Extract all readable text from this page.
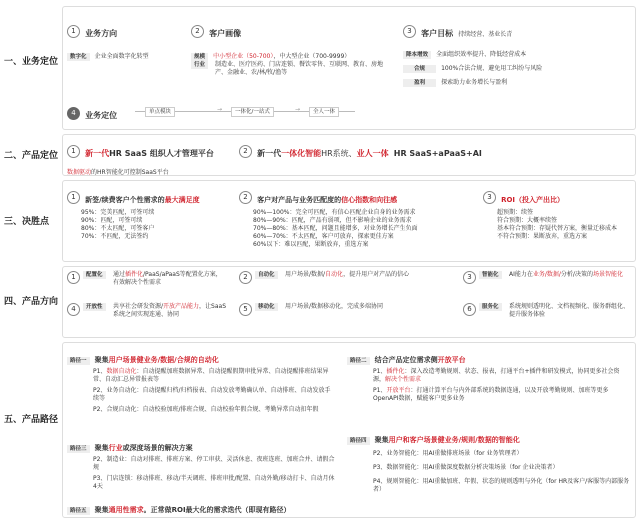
一、业务定位
1 业务方向
数字化 企业全面数字化转型
2 客户画像
规模 中小型企业（50-700），中大型企业（700-9999）
行业	制造业、医疗医药、门店连锁、餐饮零售、互联网、教育、房地产、金融业、农/林/牧/渔等
3 客户目标 持续经营、基业长青
降本增效 全面组织效率提升、降低经营成本
合规	100%合法合规、避免用工纠纷与风险
盈利	探索助力业务增长与盈利
4 业务定位	单点模块	→	一体化/一站式	→	全人一体
二、产品定位	1 新一代HR SaaS 组织人才管理平台
数据驱动的HR智能化可控制SaaS平台
2 新一代一体化智能HR系统、业人一体 HR SaaS+aPaaS+AI
三、决胜点
1 新签/续费客户个性需求的最大满足度
95%：完美匹配，可签可续
90%：匹配，可签可续
80%：不太匹配，可签客户
70%：不匹配，无法签约
2 客户对产品与业务匹配度的信心指数和向往感
90%—100%：完全可匹配，有信心匹配企业自身的业务需求
80%—90%：匹配，产品有弱项，但不影响企业的业务需求
70%—80%：基本匹配，问题且能增多，对业务增长产生负面
60%—70%：不太匹配，客户可放弃，探索更佳方案
60%以下：难以匹配，果断放弃，重选方案
3 ROI（投入产出比）
超预期：续签
符合预期：大概率续签
基本符合预期：存疑代替方案，衡量迁移成本
不符合预期：果断放弃，重选方案
四、产品方向
1	配置化	通过插件化/PaaS/aPaaS等配置化方案，有效解决个性需求
2	自动化	用户场景/数据/自动化，提升用户对产品的信心	3	智能化	AI能力在业务/数据/分析/决策的场景智能化
4	开放性	共享社会研发资源/开放产品能力，让SaaS系统之间实现连通、协同
5	移动化	用户场景/数据移动化，完成多端协同	6	服务化	系统规则透明化、文档视频化、服务群组化、提升服务体验
五、产品路径
路径一 聚集用户场景健业务/数据/合规的自动化
P1、数据自动化：自动提醒加班数据异常、自动提醒假期审批异常、自动提醒排班结果异常、自动汇总异常报表等
P2、业务自动化：自动提醒归档/归档报表、自动发放考勤确认单、自动排班、自动发放手续等
P2、合规自动化：自动校验加班/排班合规、自动校验年假合规、考勤异常自动扣年假
路径三 聚集行业或深度场景的解决方案
P2、制造业：自动对排班、排班方案、停工审获、灵活休息、夜班连班、加班合并、请假合规
P3、门店连锁：移动排班、移动/半天调班、排班审批/配置、自动外勤/移动打卡、自动月休4天
路径五 聚集通用性需求。正常做ROI最大化的需求迭代（即现有路径）
路径二 结合产品定位需求侧开放平台
P1、插件化：深入改造考勤规则、状态、报表，打通平台+插件和研发模式，协同更多社会资源，解决个性需求
P1、开放平台：打通计算平台与内外部系统的数据连通，以及开放考勤规则、加班等更多OpenAPI数据，赋能客户更多业务
路径四 聚集用户和客户场景健业务/规则/数据的智能化
P2、业务智能化：用AI重做排班场景（for 业务管理者）
P3、数据智能化：用AI重做深度数据分析决策场景（for 企业决策者）
P4、规则智能化：用AI重做加班、年假、状态的规则透明与外化（for HR及客户/客服等内部服务者）
